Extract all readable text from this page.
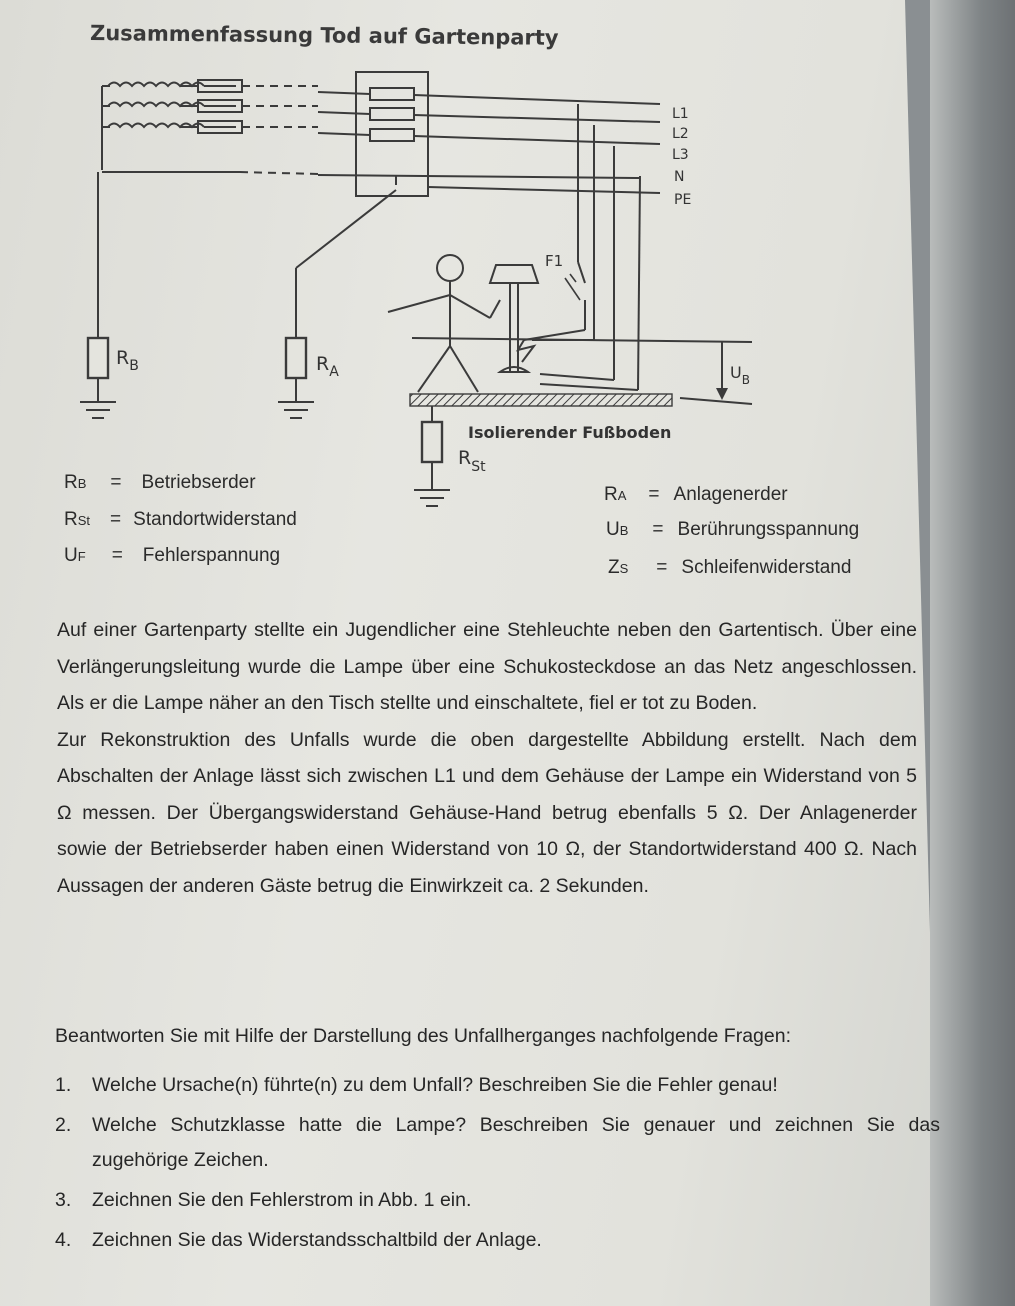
Zusammenfassung Tod auf Gartenparty
L1
L2
L3
N
PE
F1
Isolierender Fußboden
$R_B$	$R_A$
$R_{St}$
$U_B$
RB = Betriebserder
RSt = Standortwiderstand
UF = Fehlerspannung
RA = Anlagenerder
UB = Berührungsspannung
ZS = Schleifenwiderstand

Auf einer Gartenparty stellte ein Jugendlicher eine Stehleuchte neben den Gartentisch. Über eine Verlängerungsleitung wurde die Lampe über eine Schukosteckdose an das Netz angeschlossen. Als er die Lampe näher an den Tisch stellte und einschaltete, fiel er tot zu Boden.

Zur Rekonstruktion des Unfalls wurde die oben dargestellte Abbildung erstellt. Nach dem Abschalten der Anlage lässt sich zwischen L1 und dem Gehäuse der Lampe ein Widerstand von 5 Ω messen. Der Übergangswiderstand Gehäuse-Hand betrug ebenfalls 5 Ω. Der Anlagenerder sowie der Betriebserder haben einen Widerstand von 10 Ω, der Standortwiderstand 400 Ω. Nach Aussagen der anderen Gäste betrug die Einwirkzeit ca. 2 Sekunden.

Beantworten Sie mit Hilfe der Darstellung des Unfallherganges nachfolgende Fragen:
1. Welche Ursache(n) führte(n) zu dem Unfall? Beschreiben Sie die Fehler genau!
2. Welche Schutzklasse hatte die Lampe? Beschreiben Sie genauer und zeichnen Sie das zugehörige Zeichen.
3. Zeichnen Sie den Fehlerstrom in Abb. 1 ein.
4. Zeichnen Sie das Widerstandsschaltbild der Anlage.
